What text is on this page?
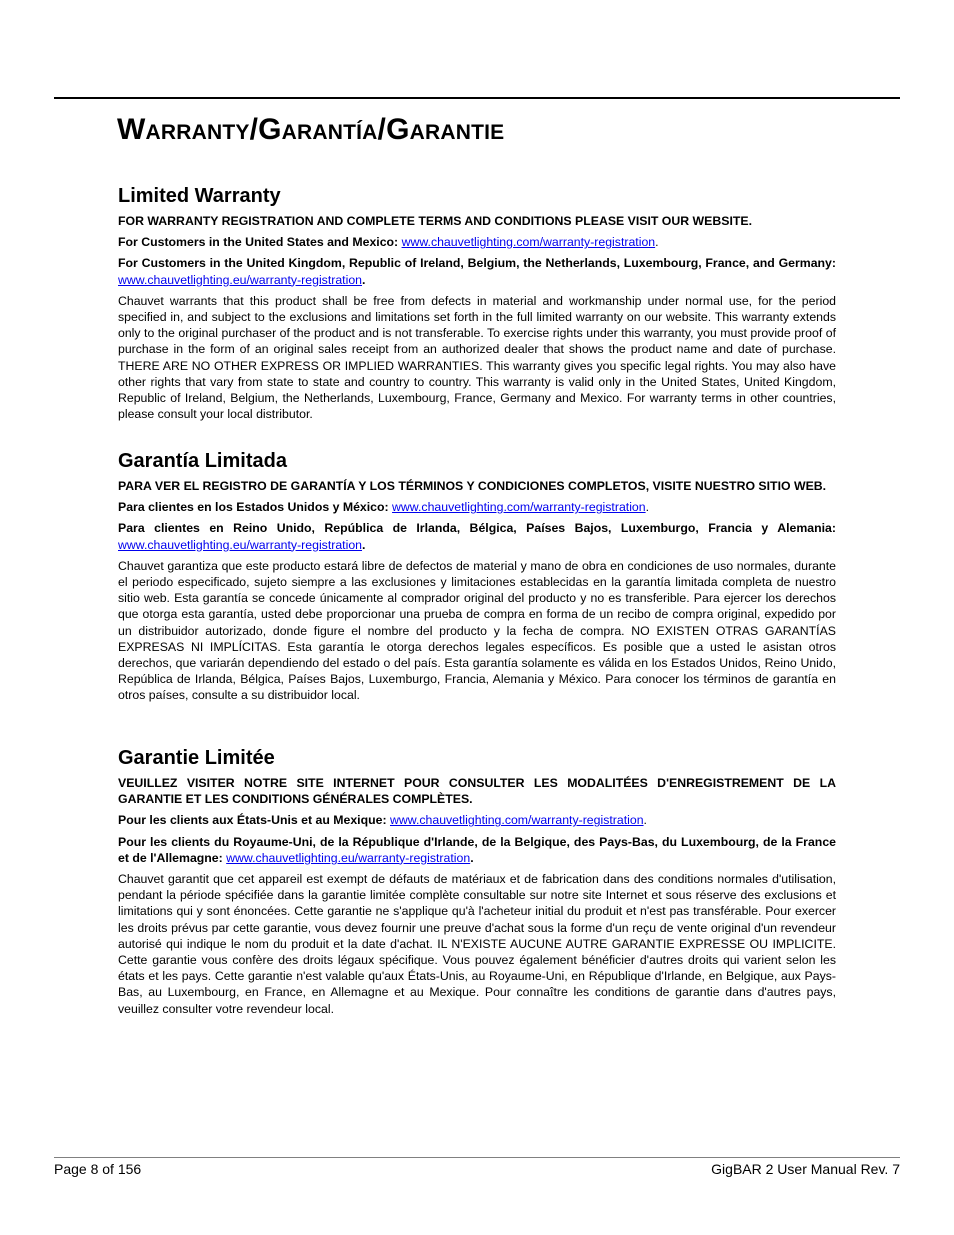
Warranty/Garantía/Garantie
Limited Warranty

FOR WARRANTY REGISTRATION AND COMPLETE TERMS AND CONDITIONS PLEASE VISIT OUR WEBSITE.

For Customers in the United States and Mexico: www.chauvetlighting.com/warranty-registration.

For Customers in the United Kingdom, Republic of Ireland, Belgium, the Netherlands, Luxembourg, France, and Germany: www.chauvetlighting.eu/warranty-registration.

Chauvet warrants that this product shall be free from defects in material and workmanship under normal use, for the period specified in, and subject to the exclusions and limitations set forth in the full limited warranty on our website. This warranty extends only to the original purchaser of the product and is not transferable. To exercise rights under this warranty, you must provide proof of purchase in the form of an original sales receipt from an authorized dealer that shows the product name and date of purchase. THERE ARE NO OTHER EXPRESS OR IMPLIED WARRANTIES. This warranty gives you specific legal rights. You may also have other rights that vary from state to state and country to country. This warranty is valid only in the United States, United Kingdom, Republic of Ireland, Belgium, the Netherlands, Luxembourg, France, Germany and Mexico. For warranty terms in other countries, please consult your local distributor.

Garantía Limitada

PARA VER EL REGISTRO DE GARANTÍA Y LOS TÉRMINOS Y CONDICIONES COMPLETOS, VISITE NUESTRO SITIO WEB.

Para clientes en los Estados Unidos y México: www.chauvetlighting.com/warranty-registration.

Para clientes en Reino Unido, República de Irlanda, Bélgica, Países Bajos, Luxemburgo, Francia y Alemania: www.chauvetlighting.eu/warranty-registration.

Chauvet garantiza que este producto estará libre de defectos de material y mano de obra en condiciones de uso normales, durante el periodo especificado, sujeto siempre a las exclusiones y limitaciones establecidas en la garantía limitada completa de nuestro sitio web. Esta garantía se concede únicamente al comprador original del producto y no es transferible. Para ejercer los derechos que otorga esta garantía, usted debe proporcionar una prueba de compra en forma de un recibo de compra original, expedido por un distribuidor autorizado, donde figure el nombre del producto y la fecha de compra. NO EXISTEN OTRAS GARANTÍAS EXPRESAS NI IMPLÍCITAS. Esta garantía le otorga derechos legales específicos. Es posible que a usted le asistan otros derechos, que variarán dependiendo del estado o del país. Esta garantía solamente es válida en los Estados Unidos, Reino Unido, República de Irlanda, Bélgica, Países Bajos, Luxemburgo, Francia, Alemania y México. Para conocer los términos de garantía en otros países, consulte a su distribuidor local.

Garantie Limitée

VEUILLEZ VISITER NOTRE SITE INTERNET POUR CONSULTER LES MODALITÉES D'ENREGISTREMENT DE LA GARANTIE ET LES CONDITIONS GÉNÉRALES COMPLÈTES.

Pour les clients aux États-Unis et au Mexique: www.chauvetlighting.com/warranty-registration.

Pour les clients du Royaume-Uni, de la République d'Irlande, de la Belgique, des Pays-Bas, du Luxembourg, de la France et de l'Allemagne: www.chauvetlighting.eu/warranty-registration.

Chauvet garantit que cet appareil est exempt de défauts de matériaux et de fabrication dans des conditions normales d'utilisation, pendant la période spécifiée dans la garantie limitée complète consultable sur notre site Internet et sous réserve des exclusions et limitations qui y sont énoncées. Cette garantie ne s'applique qu'à l'acheteur initial du produit et n'est pas transférable. Pour exercer les droits prévus par cette garantie, vous devez fournir une preuve d'achat sous la forme d'un reçu de vente original d'un revendeur autorisé qui indique le nom du produit et la date d'achat. IL N'EXISTE AUCUNE AUTRE GARANTIE EXPRESSE OU IMPLICITE. Cette garantie vous confère des droits légaux spécifique. Vous pouvez également bénéficier d'autres droits qui varient selon les états et les pays. Cette garantie n'est valable qu'aux États-Unis, au Royaume-Uni, en République d'Irlande, en Belgique, aux Pays-Bas, au Luxembourg, en France, en Allemagne et au Mexique. Pour connaître les conditions de garantie dans d'autres pays, veuillez consulter votre revendeur local.

Page 8 of 156	GigBAR 2 User Manual Rev. 7
